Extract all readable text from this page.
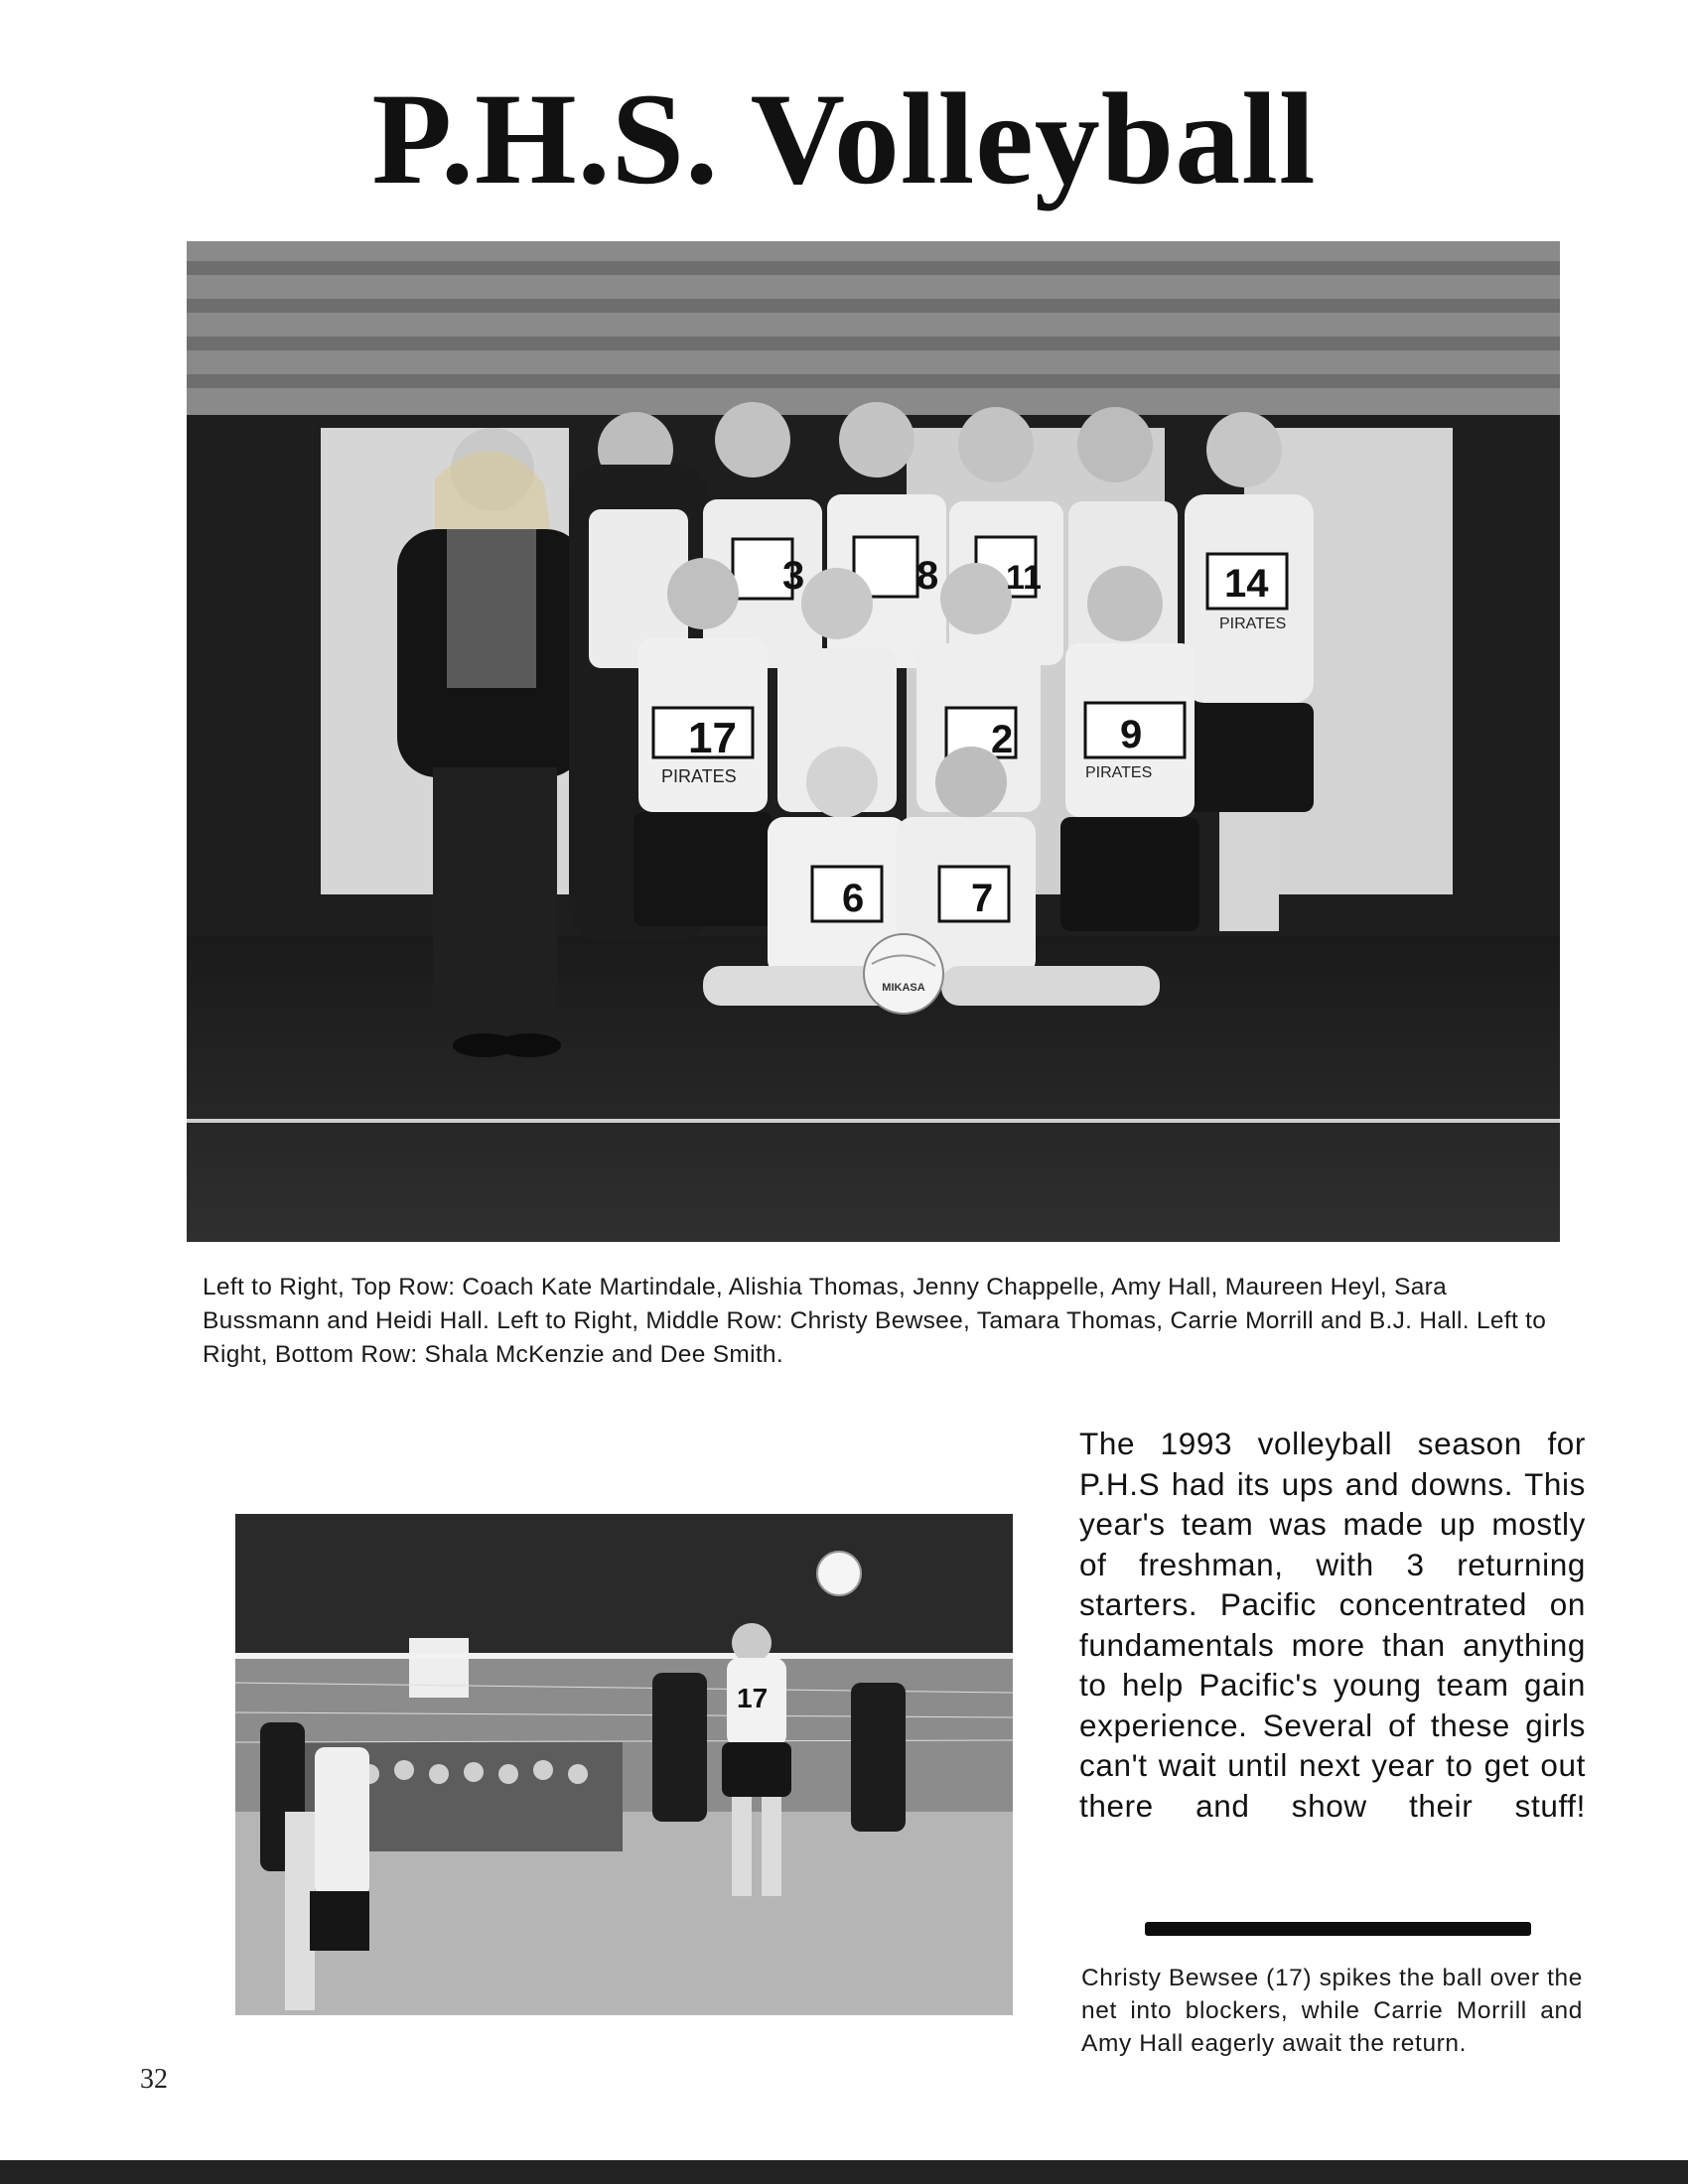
P.H.S. Volleyball
MIKASA
3	8 11	14
17	2	9
6	7
PIRATES	PIRATES
PIRATES
Left to Right, Top Row: Coach Kate Martindale, Alishia Thomas, Jenny Chappelle, Amy Hall, Maureen Heyl, Sara Bussmann and Heidi Hall. Left to Right, Middle Row: Christy Bewsee, Tamara Thomas, Carrie Morrill and B.J. Hall. Left to Right, Bottom Row: Shala McKenzie and Dee Smith.
17
The 1993 volleyball season for P.H.S had its ups and downs. This year's team was made up mostly of freshman, with 3 returning starters. Pacific concentrated on fundamentals more than anything to help Pacific's young team gain experience. Several of these girls can't wait until next year to get out there and show their stuff!
Christy Bewsee (17) spikes the ball over the net into blockers, while Carrie Morrill and Amy Hall eagerly await the return.
32
